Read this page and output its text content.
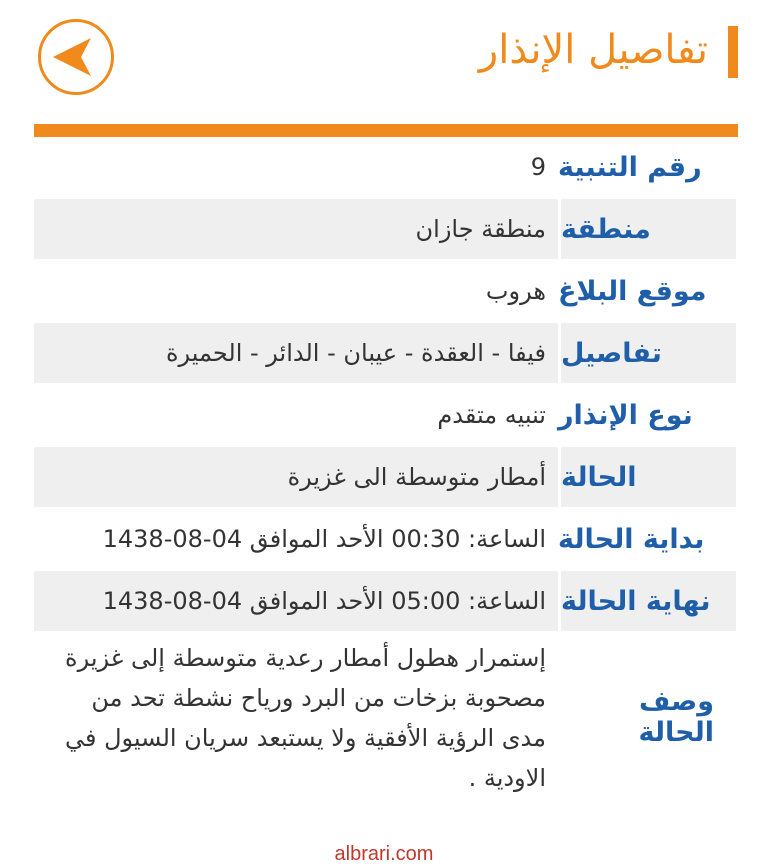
تفاصيل الإنذار
رقم التنبية
9
منطقة
منطقة جازان
موقع البلاغ
هروب
تفاصيل
فيفا - العقدة - عيبان - الدائر - الحميرة
نوع الإنذار
تنبيه متقدم
الحالة
أمطار متوسطة الى غزيرة
بداية الحالة
الساعة: 00:30 الأحد الموافق 04-08-1438
نهاية الحالة
الساعة: 05:00 الأحد الموافق 04-08-1438
وصف الحالة
إستمرار هطول أمطار رعدية متوسطة إلى غزيرة مصحوبة بزخات من البرد ورياح نشطة تحد من مدى الرؤية الأفقية ولا يستبعد سريان السيول في الاودية .
albrari.com
